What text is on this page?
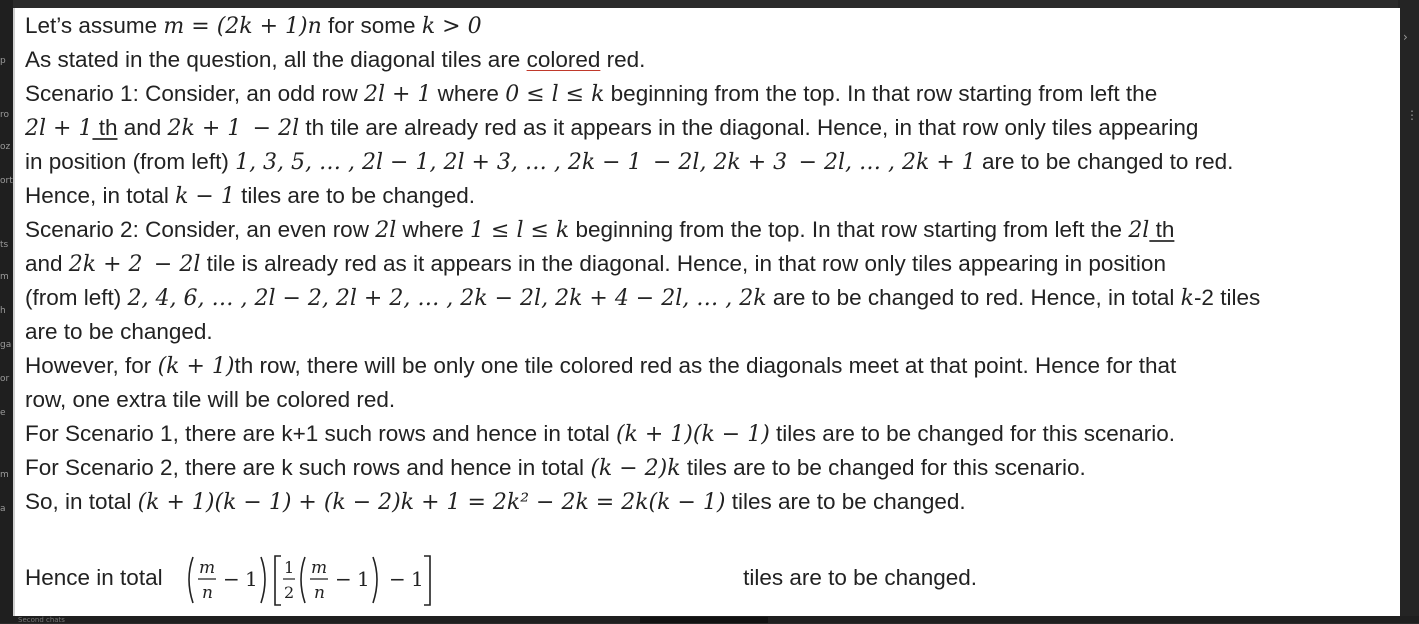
p
ro
oz
ort
ts
m
h
ga
or
e
m
a
›
⋮
Second chats
Let’s assume m = (2k + 1)n for some k > 0
As stated in the question, all the diagonal tiles are colored red.
Scenario 1: Consider, an odd row 2l + 1 where 0 ≤ l ≤ k beginning from the top. In that row starting from left the
2l + 1 th and 2k + 1  − 2l th tile are already red as it appears in the diagonal. Hence, in that row only tiles appearing
in position (from left) 1, 3, 5, … , 2l − 1, 2l + 3, … , 2k − 1  − 2l, 2k + 3  − 2l, … , 2k + 1 are to be changed to red.
Hence, in total k − 1 tiles are to be changed.
Scenario 2: Consider, an even row 2l where 1 ≤ l ≤ k beginning from the top. In that row starting from left the 2l th
and 2k + 2  − 2l tile is already red as it appears in the diagonal. Hence, in that row only tiles appearing in position
(from left) 2, 4, 6, … , 2l − 2, 2l + 2, … , 2k − 2l, 2k + 4 − 2l, … , 2k are to be changed to red. Hence, in total k-2 tiles
are to be changed.
However, for (k + 1)th row, there will be only one tile colored red as the diagonals meet at that point. Hence for that
row, one extra tile will be colored red.
For Scenario 1, there are k+1 such rows and hence in total (k + 1)(k − 1) tiles are to be changed for this scenario.
For Scenario 2, there are k such rows and hence in total (k − 2)k tiles are to be changed for this scenario.
So, in total (k + 1)(k − 1) + (k − 2)k + 1 = 2k² − 2k = 2k(k − 1) tiles are to be changed.
Hence in total	tiles are to be changed.
m
n
− 1 1
2
m
n
− 1 − 1
